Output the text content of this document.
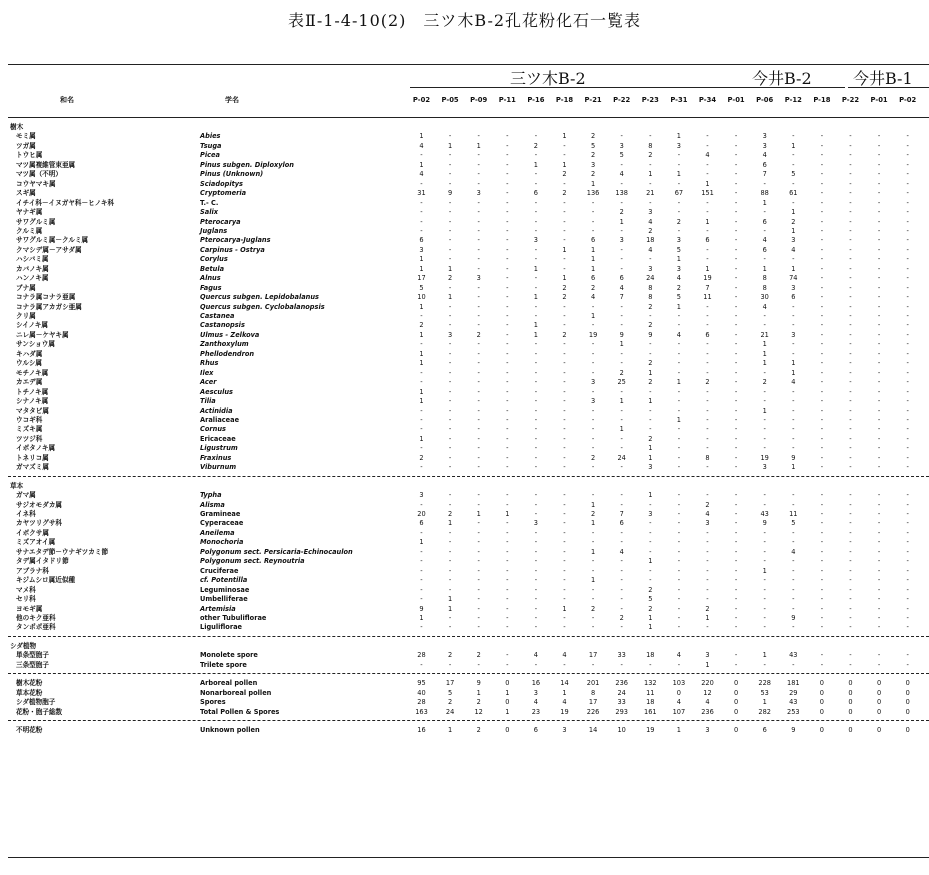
表Ⅱ-1-4-10(2)　三ツ木B-2孔花粉化石一覧表
三ツ木B-2	今井B-2	今井B-1
和名	学名	P-02	P-05	P-09	P-11	P-16	P-18	P-21	P-22	P-23	P-31	P-34	P-01	P-06	P-12	P-18	P-22	P-01	P-02
樹木
モミ属	Abies	1	-	-	-	-	1	2	-	-	1	-	-	3	-	-	-	-	-
ツガ属	Tsuga	4	1	1	-	2	-	5	3	8	3	-	-	3	1	-	-	-	-
トウヒ属	Picea	-	-	-	-	-	-	2	5	2	-	4	-	4	-	-	-	-	-
マツ属複維管束亜属	Pinus subgen. Diploxylon	1	-	-	-	1	1	3	-	-	-	-	-	6	-	-	-	-	-
マツ属（不明）	Pinus (Unknown)	4	-	-	-	-	2	2	4	1	1	-	-	7	5	-	-	-	-
コウヤマキ属	Sciadopitys	-	-	-	-	-	-	1	-	-	-	1	-	-	-	-	-	-	-
スギ属	Cryptomeria	31	9	3	-	6	2	136	138	21	67	151	-	88	61	-	-	-	-
イチイ科－イヌガヤ科－ヒノキ科	T.- C.	-	-	-	-	-	-	-	-	-	-	-	-	1	-	-	-	-	-
ヤナギ属	Salix	-	-	-	-	-	-	-	2	3	-	-	-	-	1	-	-	-	-
サワグルミ属	Pterocarya	-	-	-	-	-	-	-	1	4	2	1	-	6	2	-	-	-	-
クルミ属	Juglans	-	-	-	-	-	-	-	-	2	-	-	-	-	1	-	-	-	-
サワグルミ属－クルミ属	Pterocarya-Juglans	6	-	-	-	3	-	6	3	18	3	6	-	4	3	-	-	-	-
クマシデ属－アサダ属	Carpinus - Ostrya	3	-	-	-	-	1	1	-	4	5	-	-	6	4	-	-	-	-
ハシバミ属	Corylus	1	-	-	-	-	-	1	-	-	1	-	-	-	-	-	-	-	-
カバノキ属	Betula	1	1	-	-	1	-	1	-	3	3	1	-	1	1	-	-	-	-
ハンノキ属	Alnus	17	2	3	-	-	1	6	6	24	4	19	-	8	74	-	-	-	-
ブナ属	Fagus	5	-	-	-	-	2	2	4	8	2	7	-	8	3	-	-	-	-
コナラ属コナラ亜属	Quercus subgen. Lepidobalanus	10	1	-	-	1	2	4	7	8	5	11	-	30	6	-	-	-	-
コナラ属アカガシ亜属	Quercus subgen. Cyclobalanopsis	1	-	-	-	-	-	-	-	2	1	-	-	4	-	-	-	-	-
クリ属	Castanea	-	-	-	-	-	-	1	-	-	-	-	-	-	-	-	-	-	-
シイノキ属	Castanopsis	2	-	-	-	1	-	-	-	2	-	-	-	-	-	-	-	-	-
ニレ属－ケヤキ属	Ulmus - Zelkova	1	3	2	-	1	2	19	9	9	4	6	-	21	3	-	-	-	-
サンショウ属	Zanthoxylum	-	-	-	-	-	-	-	1	-	-	-	-	1	-	-	-	-	-
キハダ属	Phellodendron	1	-	-	-	-	-	-	-	-	-	-	-	1	-	-	-	-	-
ウルシ属	Rhus	1	-	-	-	-	-	-	-	2	-	-	-	1	1	-	-	-	-
モチノキ属	Ilex	-	-	-	-	-	-	-	2	1	-	-	-	-	1	-	-	-	-
カエデ属	Acer	-	-	-	-	-	-	3	25	2	1	2	-	2	4	-	-	-	-
トチノキ属	Aesculus	1	-	-	-	-	-	-	-	-	-	-	-	-	-	-	-	-	-
シナノキ属	Tilia	1	-	-	-	-	-	3	1	1	-	-	-	-	-	-	-	-	-
マタタビ属	Actinidia	-	-	-	-	-	-	-	-	-	-	-	-	1	-	-	-	-	-
ウコギ科	Araliaceae	-	-	-	-	-	-	-	-	-	1	-	-	-	-	-	-	-	-
ミズキ属	Cornus	-	-	-	-	-	-	-	1	-	-	-	-	-	-	-	-	-	-
ツツジ科	Ericaceae	1	-	-	-	-	-	-	-	2	-	-	-	-	-	-	-	-	-
イボタノキ属	Ligustrum	-	-	-	-	-	-	-	-	1	-	-	-	-	-	-	-	-	-
トネリコ属	Fraxinus	2	-	-	-	-	-	2	24	1	-	8	-	19	9	-	-	-	-
ガマズミ属	Viburnum	-	-	-	-	-	-	-	-	3	-	-	-	3	1	-	-	-	-
草本
ガマ属	Typha	3	-	-	-	-	-	-	-	1	-	-	-	-	-	-	-	-	-
サジオモダカ属	Alisma	-	-	-	-	-	-	1	-	-	-	2	-	-	-	-	-	-	-
イネ科	Gramineae	20	2	1	1	-	-	2	7	3	-	4	-	43	11	-	-	-	-
カヤツリグサ科	Cyperaceae	6	1	-	-	3	-	1	6	-	-	3	-	9	5	-	-	-	-
イボクサ属	Aneilema	-	-	-	-	-	-	-	-	-	-	-	-	-	-	-	-	-	-
ミズアオイ属	Monochoria	1	-	-	-	-	-	-	-	-	-	-	-	-	-	-	-	-	-
サナエタデ節－ウナギツカミ節	Polygonum sect. Persicaria-Echinocaulon	-	-	-	-	-	-	1	4	-	-	-	-	-	4	-	-	-	-
タデ属イタドリ節	Polygonum sect. Reynoutria	-	-	-	-	-	-	-	-	1	-	-	-	-	-	-	-	-	-
アブラナ科	Cruciferae	-	-	-	-	-	-	-	-	-	-	-	-	1	-	-	-	-	-
キジムシロ属近似種	cf. Potentilla	-	-	-	-	-	-	1	-	-	-	-	-	-	-	-	-	-	-
マメ科	Leguminosae	-	-	-	-	-	-	-	-	2	-	-	-	-	-	-	-	-	-
セリ科	Umbelliferae	-	1	-	-	-	-	-	-	5	-	-	-	-	-	-	-	-	-
ヨモギ属	Artemisia	9	1	-	-	-	1	2	-	2	-	2	-	-	-	-	-	-	-
他のキク亜科	other Tubuliflorae	1	-	-	-	-	-	-	2	1	-	1	-	-	9	-	-	-	-
タンポポ亜科	Liguliflorae	-	-	-	-	-	-	-	-	1	-	-	-	-	-	-	-	-	-
シダ植物
単条型胞子	Monolete spore	28	2	2	-	4	4	17	33	18	4	3	-	1	43	-	-	-	-
三条型胞子	Trilete spore	-	-	-	-	-	-	-	-	-	-	1	-	-	-	-	-	-	-
樹木花粉	Arboreal pollen	95	17	9	0	16	14	201	236	132	103	220	0	228	181	0	0	0	0
草本花粉	Nonarboreal pollen	40	5	1	1	3	1	8	24	11	0	12	0	53	29	0	0	0	0
シダ植物胞子	Spores	28	2	2	0	4	4	17	33	18	4	4	0	1	43	0	0	0	0
花粉・胞子総数	Total Pollen & Spores	163	24	12	1	23	19	226	293	161	107	236	0	282	253	0	0	0	0
不明花粉	Unknown pollen	16	1	2	0	6	3	14	10	19	1	3	0	6	9	0	0	0	0
